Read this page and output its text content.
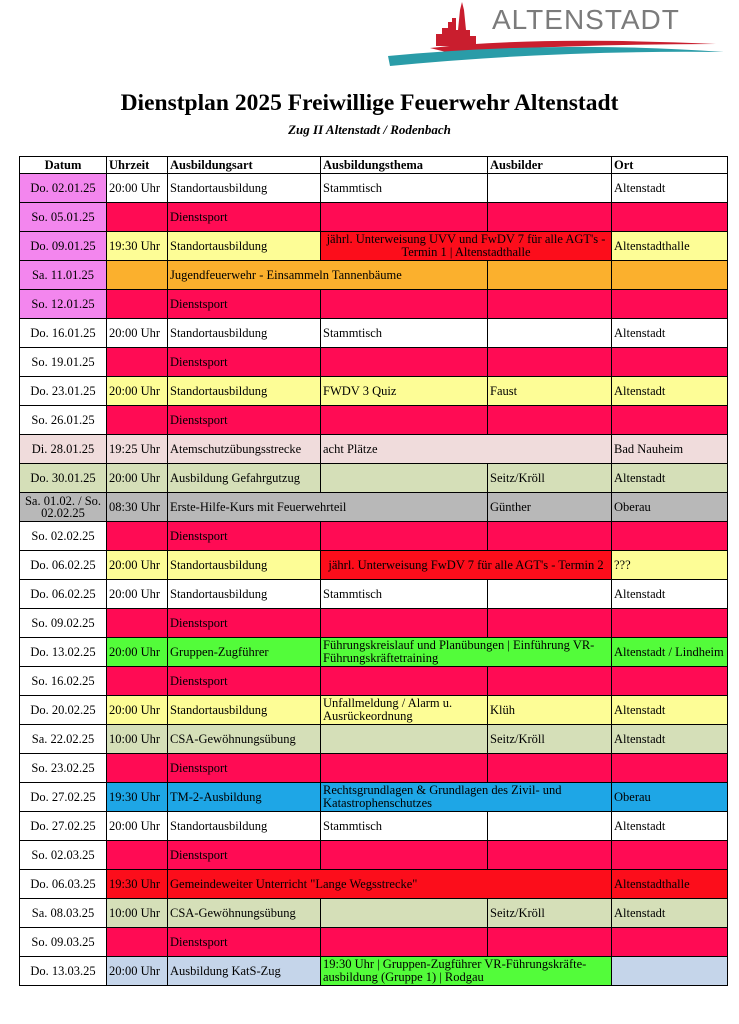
ALTENSTADT
Dienstplan 2025 Freiwillige Feuerwehr Altenstadt
Zug II Altenstadt / Rodenbach
Datum	Uhrzeit	Ausbildungsart	Ausbildungsthema	Ausbilder	Ort
Do. 02.01.25	20:00 Uhr	Standortausbildung	Stammtisch		Altenstadt
So. 05.01.25		Dienstsport			
Do. 09.01.25	19:30 Uhr	Standortausbildung	jährl. Unterweisung UVV und FwDV 7 für alle AGT's - Termin 1 | Altenstadthalle		Altenstadthalle
Sa. 11.01.25		Jugendfeuerwehr - Einsammeln Tannenbäume			
So. 12.01.25		Dienstsport			
Do. 16.01.25	20:00 Uhr	Standortausbildung	Stammtisch		Altenstadt
So. 19.01.25		Dienstsport			
Do. 23.01.25	20:00 Uhr	Standortausbildung	FWDV 3 Quiz	Faust	Altenstadt
So. 26.01.25		Dienstsport			
Di. 28.01.25	19:25 Uhr	Atemschutzübungsstrecke	acht Plätze		Bad Nauheim
Do. 30.01.25	20:00 Uhr	Ausbildung Gefahrgutzug		Seitz/Kröll	Altenstadt
Sa. 01.02. / So. 02.02.25	08:30 Uhr	Erste-Hilfe-Kurs mit Feuerwehrteil		Günther	Oberau
So. 02.02.25		Dienstsport			
Do. 06.02.25	20:00 Uhr	Standortausbildung	jährl. Unterweisung FwDV 7 für alle AGT's - Termin 2		???
Do. 06.02.25	20:00 Uhr	Standortausbildung	Stammtisch		Altenstadt
So. 09.02.25		Dienstsport			
Do. 13.02.25	20:00 Uhr	Gruppen-Zugführer	Führungskreislauf und Planübungen | Einführung VR-Führungskräftetraining		Altenstadt / Lindheim
So. 16.02.25		Dienstsport			
Do. 20.02.25	20:00 Uhr	Standortausbildung	Unfallmeldung / Alarm u. Ausrückeordnung	Klüh	Altenstadt
Sa. 22.02.25	10:00 Uhr	CSA-Gewöhnungsübung		Seitz/Kröll	Altenstadt
So. 23.02.25		Dienstsport			
Do. 27.02.25	19:30 Uhr	TM-2-Ausbildung	Rechtsgrundlagen & Grundlagen des Zivil- und Katastrophenschutzes		Oberau
Do. 27.02.25	20:00 Uhr	Standortausbildung	Stammtisch		Altenstadt
So. 02.03.25		Dienstsport			
Do. 06.03.25	19:30 Uhr	Gemeindeweiter Unterricht "Lange Wegsstrecke"			Altenstadthalle
Sa. 08.03.25	10:00 Uhr	CSA-Gewöhnungsübung		Seitz/Kröll	Altenstadt
So. 09.03.25		Dienstsport			
Do. 13.03.25	20:00 Uhr	Ausbildung KatS-Zug	19:30 Uhr | Gruppen-Zugführer VR-Führungskräfte-ausbildung (Gruppe 1) | Rodgau		
